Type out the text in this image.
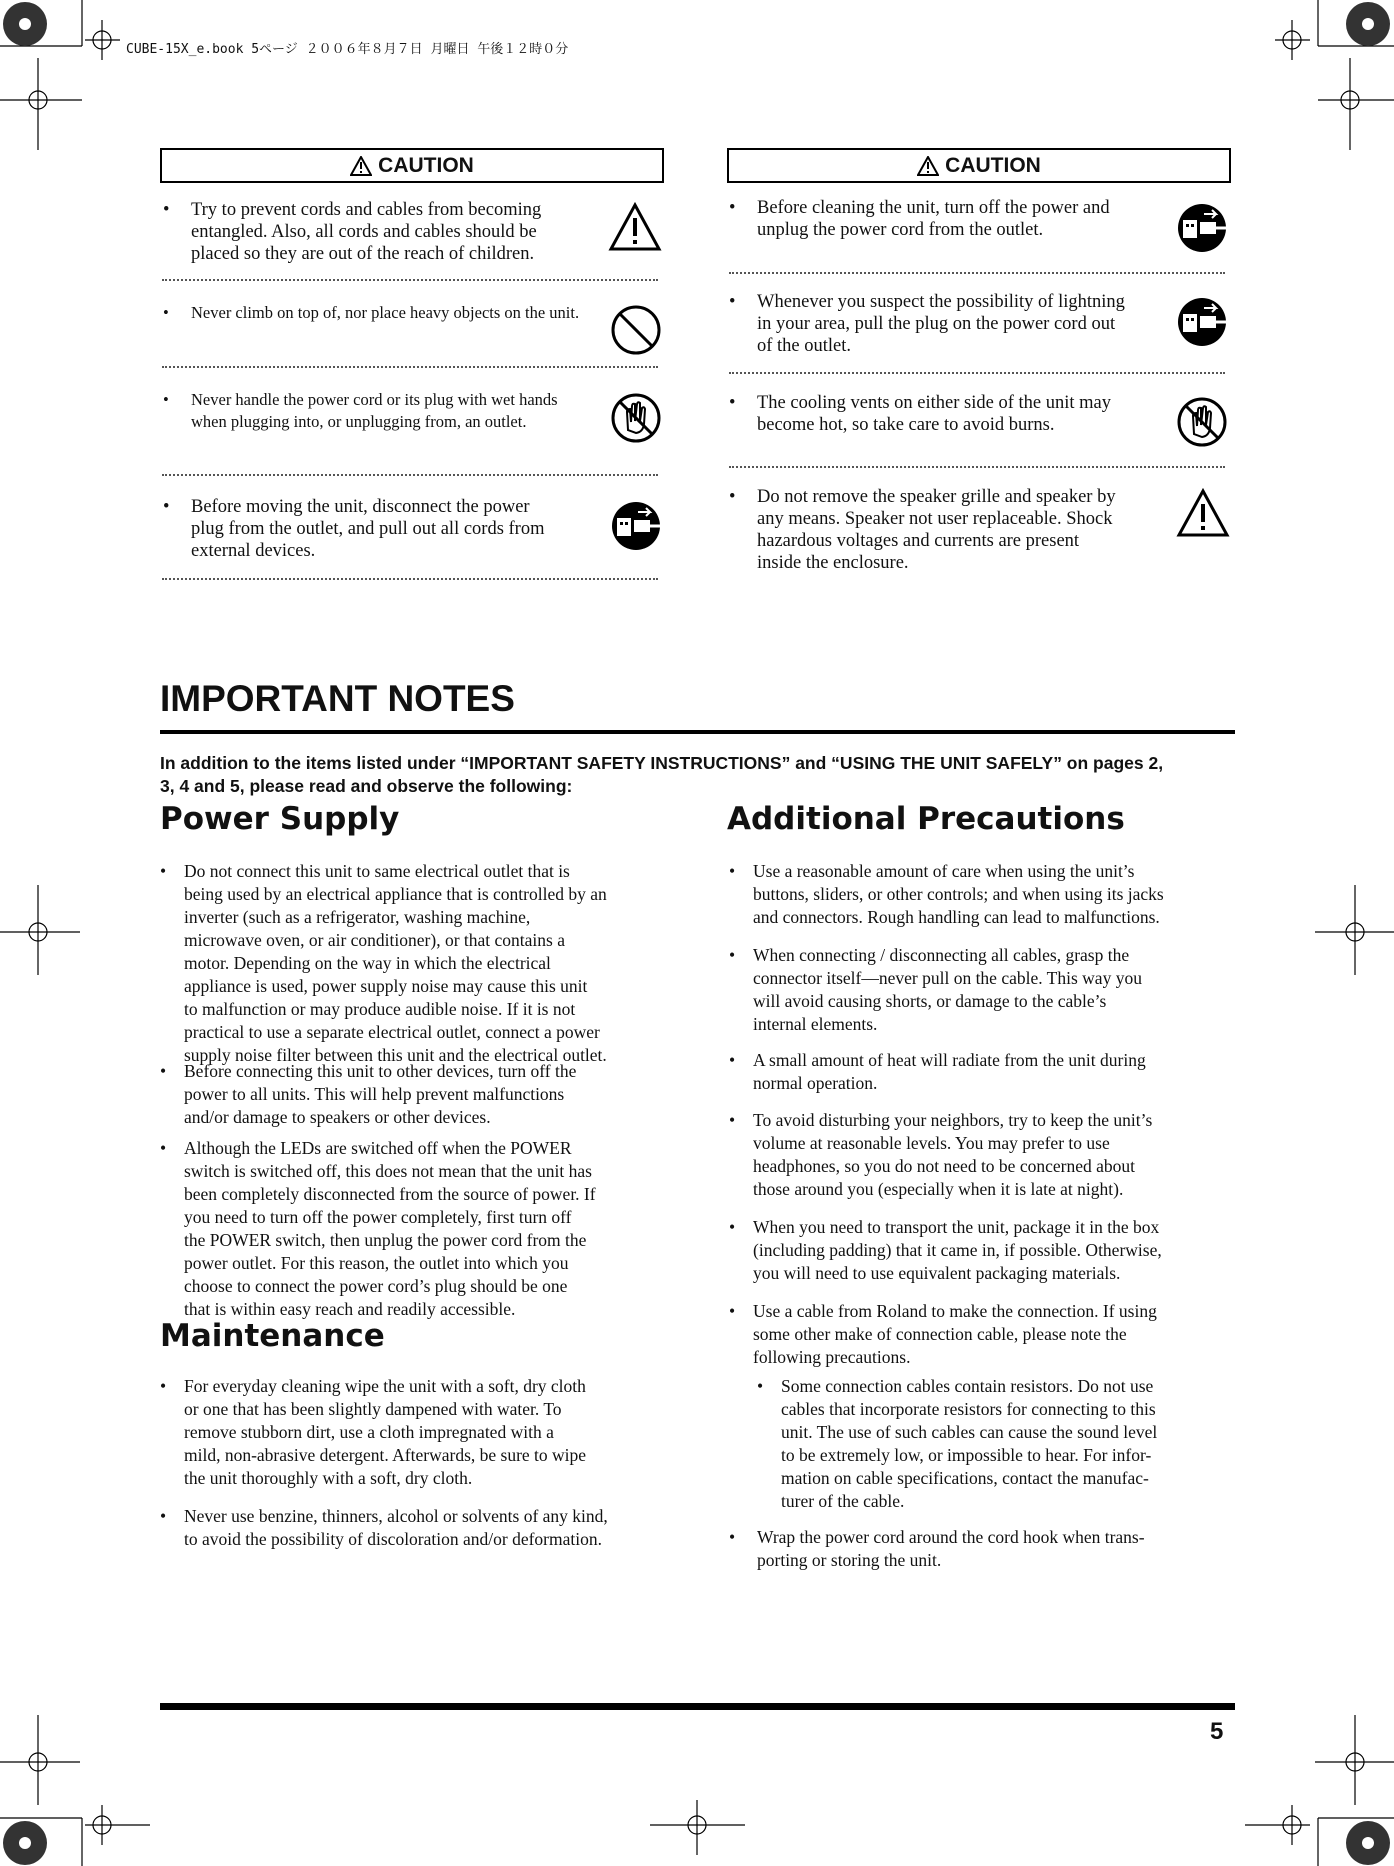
CUBE-15X_e.book 5ページ ２００６年８月７日 月曜日 午後１２時０分
CAUTION
• Try to prevent cords and cables from becoming
entangled. Also, all cords and cables should be
placed so they are out of the reach of children.
• Never climb on top of, nor place heavy objects on the unit.
• Never handle the power cord or its plug with wet hands
when plugging into, or unplugging from, an outlet.
• Before moving the unit, disconnect the power
plug from the outlet, and pull out all cords from
external devices.
CAUTION
• Before cleaning the unit, turn off the power and
unplug the power cord from the outlet.
• Whenever you suspect the possibility of lightning
in your area, pull the plug on the power cord out
of the outlet.
• The cooling vents on either side of the unit may
become hot, so take care to avoid burns.
• Do not remove the speaker grille and speaker by
any means. Speaker not user replaceable. Shock
hazardous voltages and currents are present
inside the enclosure.
IMPORTANT NOTES
In addition to the items listed under “IMPORTANT SAFETY INSTRUCTIONS” and “USING THE UNIT SAFELY” on pages 2,
3, 4 and 5, please read and observe the following:
Power Supply
• Do not connect this unit to same electrical outlet that is
being used by an electrical appliance that is controlled by an
inverter (such as a refrigerator, washing machine,
microwave oven, or air conditioner), or that contains a
motor. Depending on the way in which the electrical
appliance is used, power supply noise may cause this unit
to malfunction or may produce audible noise. If it is not
practical to use a separate electrical outlet, connect a power
supply noise filter between this unit and the electrical outlet.
• Before connecting this unit to other devices, turn off the
power to all units. This will help prevent malfunctions
and/or damage to speakers or other devices.
• Although the LEDs are switched off when the POWER
switch is switched off, this does not mean that the unit has
been completely disconnected from the source of power. If
you need to turn off the power completely, first turn off
the POWER switch, then unplug the power cord from the
power outlet. For this reason, the outlet into which you
choose to connect the power cord’s plug should be one
that is within easy reach and readily accessible.
Maintenance
• For everyday cleaning wipe the unit with a soft, dry cloth
or one that has been slightly dampened with water. To
remove stubborn dirt, use a cloth impregnated with a
mild, non-abrasive detergent. Afterwards, be sure to wipe
the unit thoroughly with a soft, dry cloth.
• Never use benzine, thinners, alcohol or solvents of any kind,
to avoid the possibility of discoloration and/or deformation.
Additional Precautions
• Use a reasonable amount of care when using the unit’s
buttons, sliders, or other controls; and when using its jacks
and connectors. Rough handling can lead to malfunctions.
• When connecting / disconnecting all cables, grasp the
connector itself—never pull on the cable. This way you
will avoid causing shorts, or damage to the cable’s
internal elements.
• A small amount of heat will radiate from the unit during
normal operation.
• To avoid disturbing your neighbors, try to keep the unit’s
volume at reasonable levels. You may prefer to use
headphones, so you do not need to be concerned about
those around you (especially when it is late at night).
• When you need to transport the unit, package it in the box
(including padding) that it came in, if possible. Otherwise,
you will need to use equivalent packaging materials.
• Use a cable from Roland to make the connection. If using
some other make of connection cable, please note the
following precautions.
• Some connection cables contain resistors. Do not use
cables that incorporate resistors for connecting to this
unit. The use of such cables can cause the sound level
to be extremely low, or impossible to hear. For infor-
mation on cable specifications, contact the manufac-
turer of the cable.
• Wrap the power cord around the cord hook when trans-
porting or storing the unit.
5
